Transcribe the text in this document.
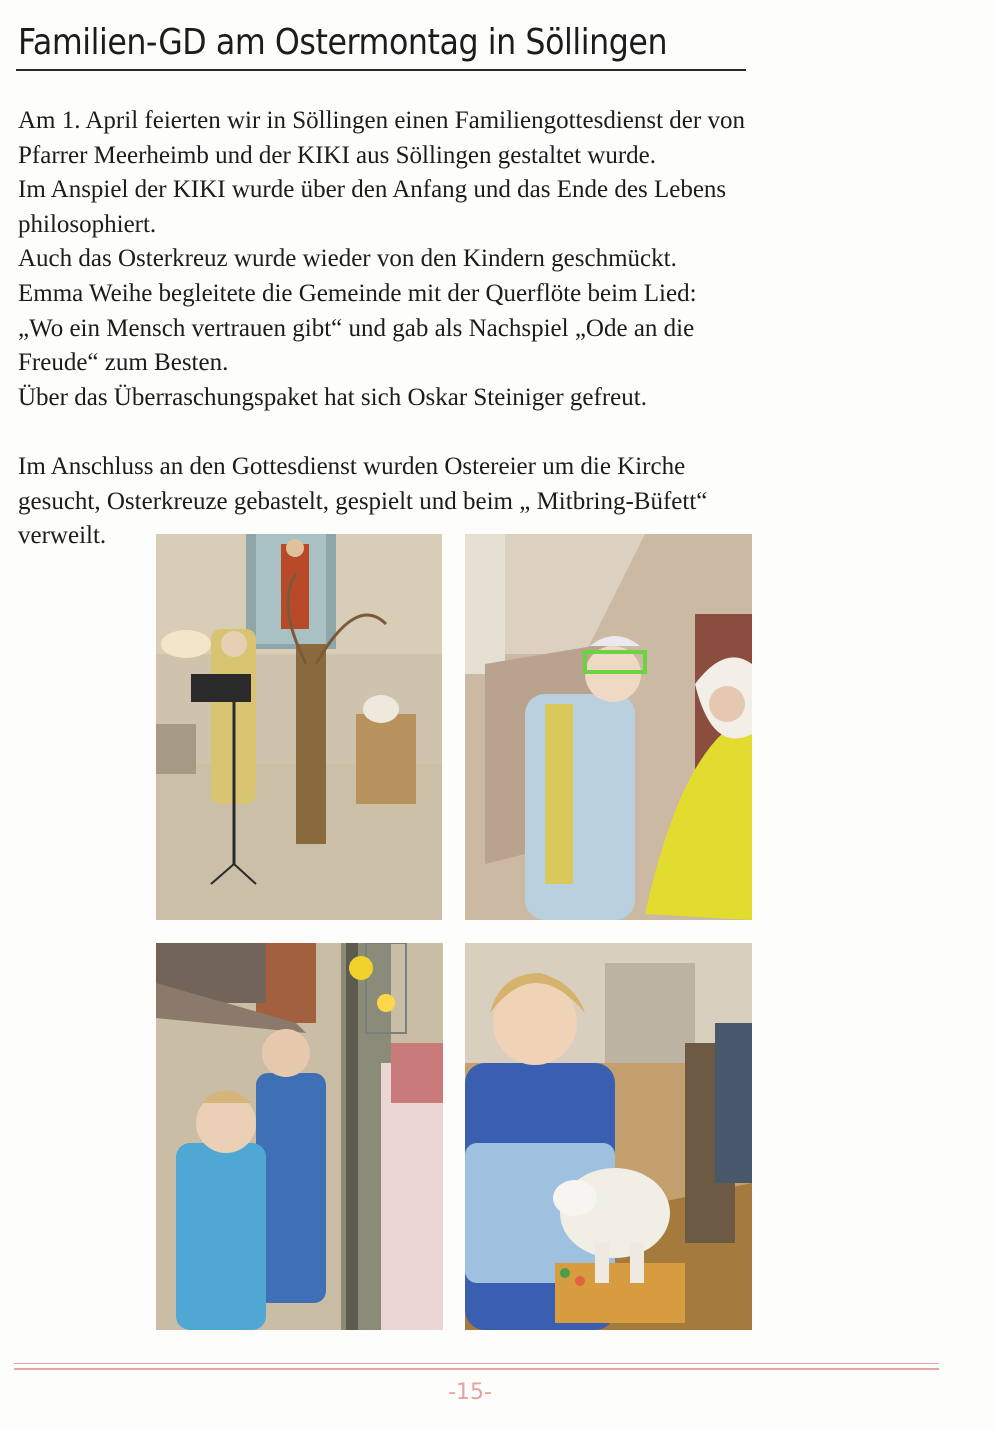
Familien-GD am Ostermontag in Söllingen
Am 1. April feierten wir in Söllingen einen Familiengottesdienst der von
Pfarrer Meerheimb und der KIKI aus Söllingen gestaltet wurde.
Im Anspiel der KIKI wurde über den Anfang und das Ende des Lebens
philosophiert.
Auch das Osterkreuz wurde wieder von den Kindern geschmückt.
Emma Weihe begleitete die Gemeinde mit der Querflöte beim Lied:
„Wo ein Mensch vertrauen gibt“ und gab als Nachspiel „Ode an die
Freude“ zum Besten.
Über das Überraschungspaket hat sich Oskar Steiniger gefreut.
Im Anschluss an den Gottesdienst wurden Ostereier um die Kirche
gesucht, Osterkreuze gebastelt, gespielt und beim „ Mitbring-Büfett“
verweilt.
-15-
